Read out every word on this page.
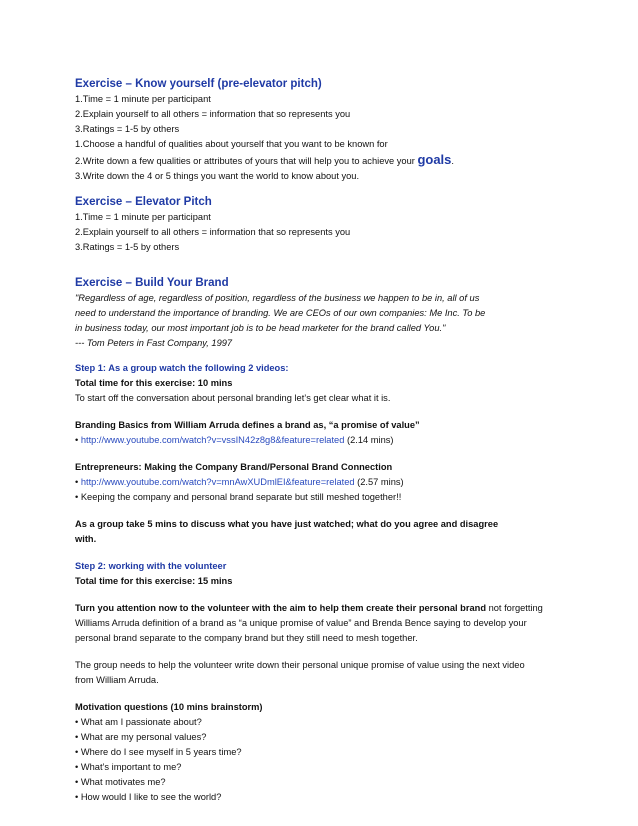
Exercise – Know yourself (pre-elevator pitch)
1.Time = 1 minute per participant
2.Explain yourself to all others = information that so represents you
3.Ratings = 1-5 by others
1.Choose a handful of qualities about yourself that you want to be known for
2.Write down a few qualities or attributes of yours that will help you to achieve your goals.
3.Write down the 4 or 5 things you want the world to know about you.
Exercise – Elevator Pitch
1.Time = 1 minute per participant
2.Explain yourself to all others = information that so represents you
3.Ratings = 1-5 by others
Exercise – Build Your Brand
"Regardless of age, regardless of position, regardless of the business we happen to be in, all of us
need to understand the importance of branding. We are CEOs of our own companies: Me Inc. To be
in business today, our most important job is to be head marketer for the brand called You."
--- Tom Peters in Fast Company, 1997
Step 1: As a group watch the following 2 videos:
Total time for this exercise: 10 mins
To start off the conversation about personal branding let’s get clear what it is.
Branding Basics from William Arruda defines a brand as, “a promise of value”
• http://www.youtube.com/watch?v=vssIN42z8g8&feature=related (2.14 mins)
Entrepreneurs: Making the Company Brand/Personal Brand Connection
• http://www.youtube.com/watch?v=mnAwXUDmlEI&feature=related (2.57 mins)
• Keeping the company and personal brand separate but still meshed together!!
As a group take 5 mins to discuss what you have just watched; what do you agree and disagree
with.
Step 2: working with the volunteer
Total time for this exercise: 15 mins
Turn you attention now to the volunteer with the aim to help them create their personal brand not forgetting
Williams Arruda definition of a brand as “a unique promise of value” and Brenda Bence saying to develop your
personal brand separate to the company brand but they still need to mesh together.
The group needs to help the volunteer write down their personal unique promise of value using the next video
from William Arruda.
Motivation questions (10 mins brainstorm)
• What am I passionate about?
• What are my personal values?
• Where do I see myself in 5 years time?
• What’s important to me?
• What motivates me?
• How would I like to see the world?
